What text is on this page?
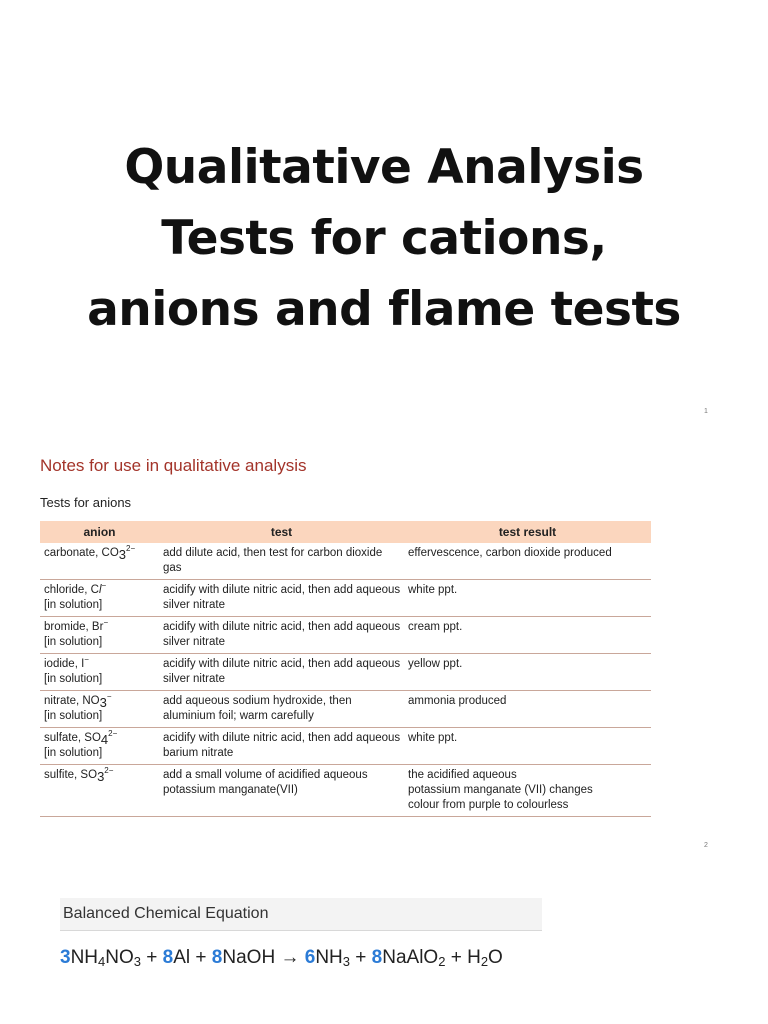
Qualitative Analysis
Tests for cations,
anions and flame tests
1
Notes for use in qualitative analysis
Tests for anions
anion	test	test result
carbonate, $CO_3^{2-}$	add dilute acid, then test for carbon dioxide gas	effervescence, carbon dioxide produced
chloride, Cl−
[in solution]	acidify with dilute nitric acid, then add aqueous silver nitrate	white ppt.
bromide, Br−
[in solution]	acidify with dilute nitric acid, then add aqueous silver nitrate	cream ppt.
iodide, I−
[in solution]	acidify with dilute nitric acid, then add aqueous silver nitrate	yellow ppt.
nitrate, $NO_3^-$
[in solution]	add aqueous sodium hydroxide, then aluminium foil; warm carefully	ammonia produced
sulfate, $SO_4^{2-}$
[in solution]	acidify with dilute nitric acid, then add aqueous barium nitrate	white ppt.
sulfite, $SO_3^{2-}$	add a small volume of acidified aqueous potassium manganate(VII)	the acidified aqueous
potassium manganate (VII) changes
colour from purple to colourless
2
Balanced Chemical Equation
$3NH_4NO_3 + 8Al$ + 8NaOH → $6NH_3$ + 8NaAlO$_2$ + $H_2O$
